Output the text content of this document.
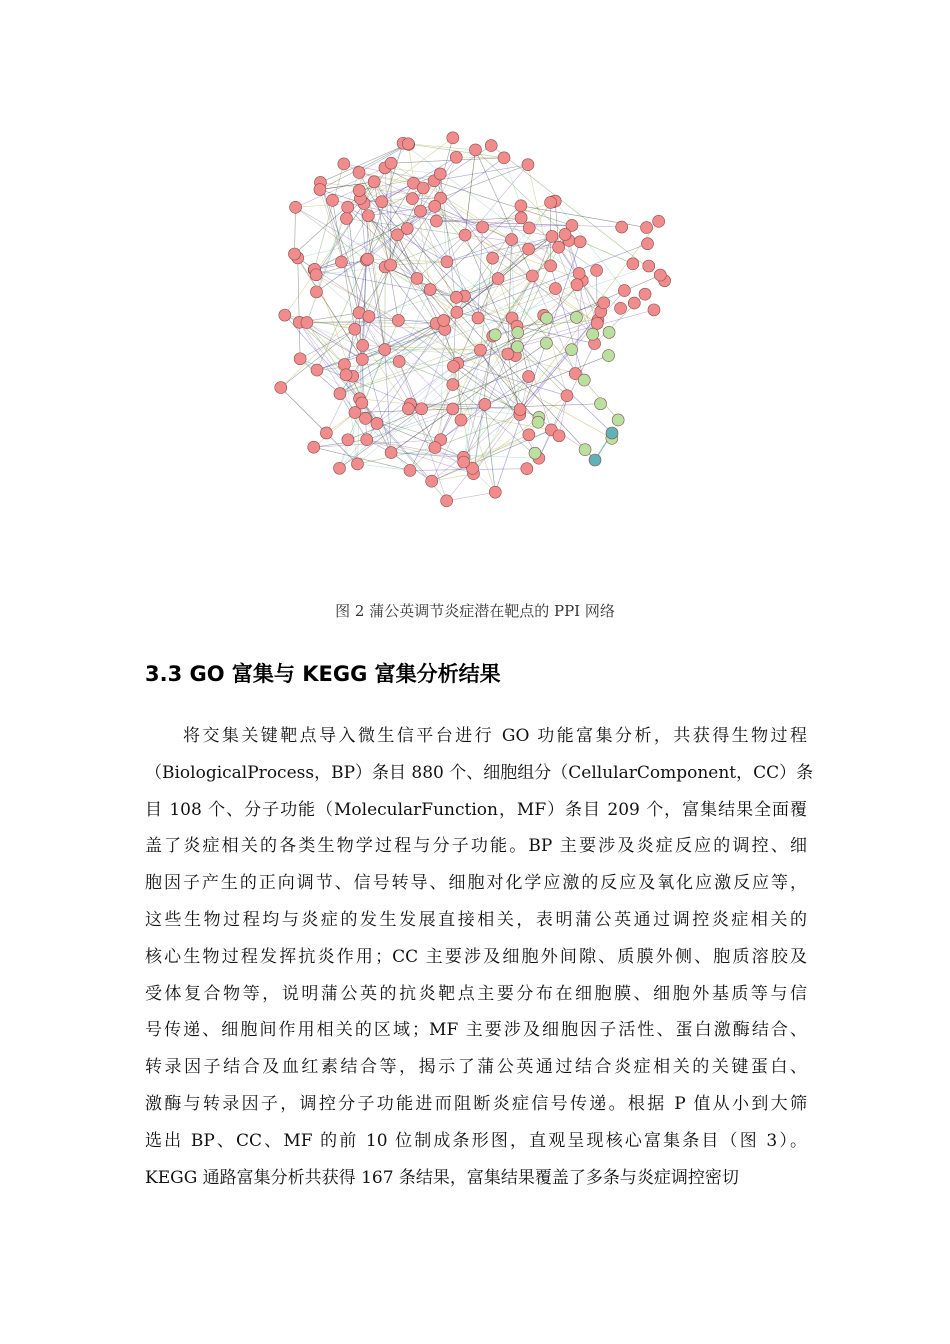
图 2 蒲公英调节炎症潜在靶点的 PPI 网络
3.3 GO 富集与 KEGG 富集分析结果
将交集关键靶点导入微生信平台进行 GO 功能富集分析，共获得生物过程
（BiologicalProcess，BP）条目 880 个、细胞组分（CellularComponent，CC）条
目 108 个、分子功能（MolecularFunction，MF）条目 209 个，富集结果全面覆
盖了炎症相关的各类生物学过程与分子功能。BP 主要涉及炎症反应的调控、细
胞因子产生的正向调节、信号转导、细胞对化学应激的反应及氧化应激反应等，
这些生物过程均与炎症的发生发展直接相关，表明蒲公英通过调控炎症相关的
核心生物过程发挥抗炎作用；CC 主要涉及细胞外间隙、质膜外侧、胞质溶胶及
受体复合物等，说明蒲公英的抗炎靶点主要分布在细胞膜、细胞外基质等与信
号传递、细胞间作用相关的区域；MF 主要涉及细胞因子活性、蛋白激酶结合、
转录因子结合及血红素结合等，揭示了蒲公英通过结合炎症相关的关键蛋白、
激酶与转录因子，调控分子功能进而阻断炎症信号传递。根据 P 值从小到大筛
选出 BP、CC、MF 的前 10 位制成条形图，直观呈现核心富集条目（图 3）。
KEGG 通路富集分析共获得 167 条结果，富集结果覆盖了多条与炎症调控密切
